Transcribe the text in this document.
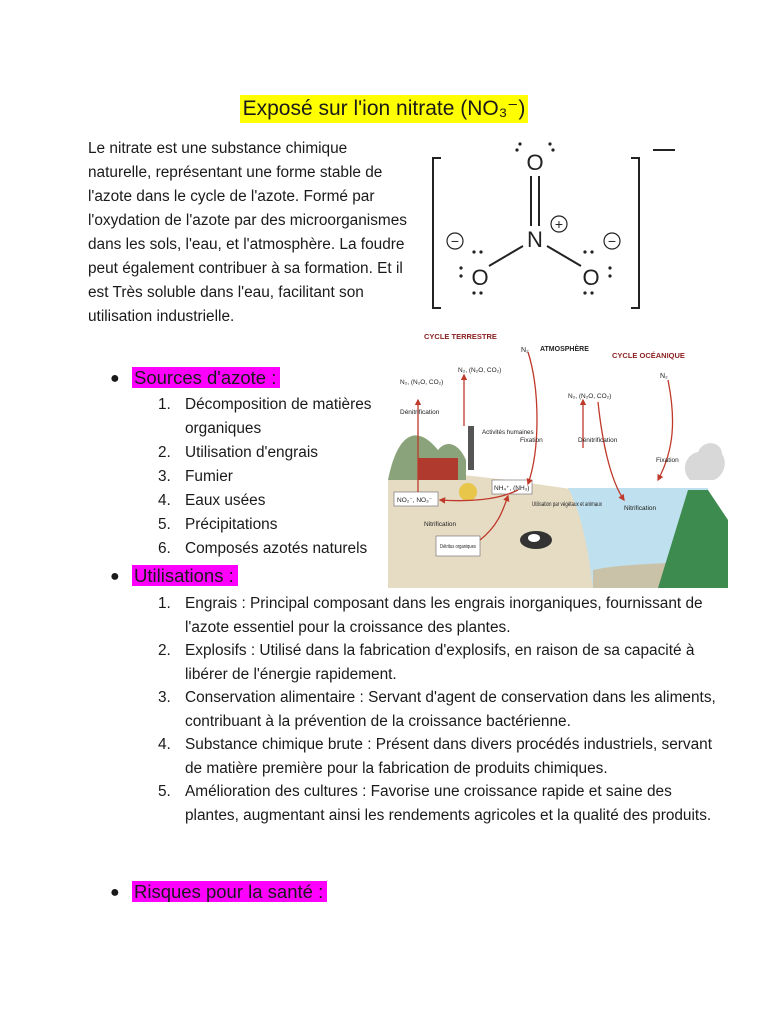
Exposé sur l'ion nitrate (NO₃⁻)

Le nitrate est une substance chimique naturelle, représentant une forme stable de l'azote dans le cycle de l'azote. Formé par l'oxydation de l'azote par des microorganismes dans les sols, l'eau, et l'atmosphère. La foudre peut également contribuer à sa formation. Et il est Très soluble dans l'eau, facilitant son utilisation industrielle.

O
N
O	O
+
−	−
CYCLE TERRESTRE
ATMOSPHÈRE
CYCLE OCÉANIQUE
N₂
N₂
N₂, (N₂O, CO₂)
N₂, (N₂O, CO₂)
N₂, (N₂O, CO₂)
Dénitrification
Activités humaines
Fixation	Dénitrification
Fixation
NH₄⁺, (NH₃)
NO₂⁻, NO₃⁻
Utilisation par végétaux et animaux
Nitrification
Détritus organiques
Nitrification
● Sources d'azote :
1. Décomposition de matières organiques
2. Utilisation d'engrais
3. Fumier
4. Eaux usées
5. Précipitations
6. Composés azotés naturels
● Utilisations :
1. Engrais : Principal composant dans les engrais inorganiques, fournissant de l'azote essentiel pour la croissance des plantes.
2. Explosifs : Utilisé dans la fabrication d'explosifs, en raison de sa capacité à libérer de l'énergie rapidement.
3. Conservation alimentaire : Servant d'agent de conservation dans les aliments, contribuant à la prévention de la croissance bactérienne.
4. Substance chimique brute : Présent dans divers procédés industriels, servant de matière première pour la fabrication de produits chimiques.
5. Amélioration des cultures : Favorise une croissance rapide et saine des plantes, augmentant ainsi les rendements agricoles et la qualité des produits.
● Risques pour la santé :
